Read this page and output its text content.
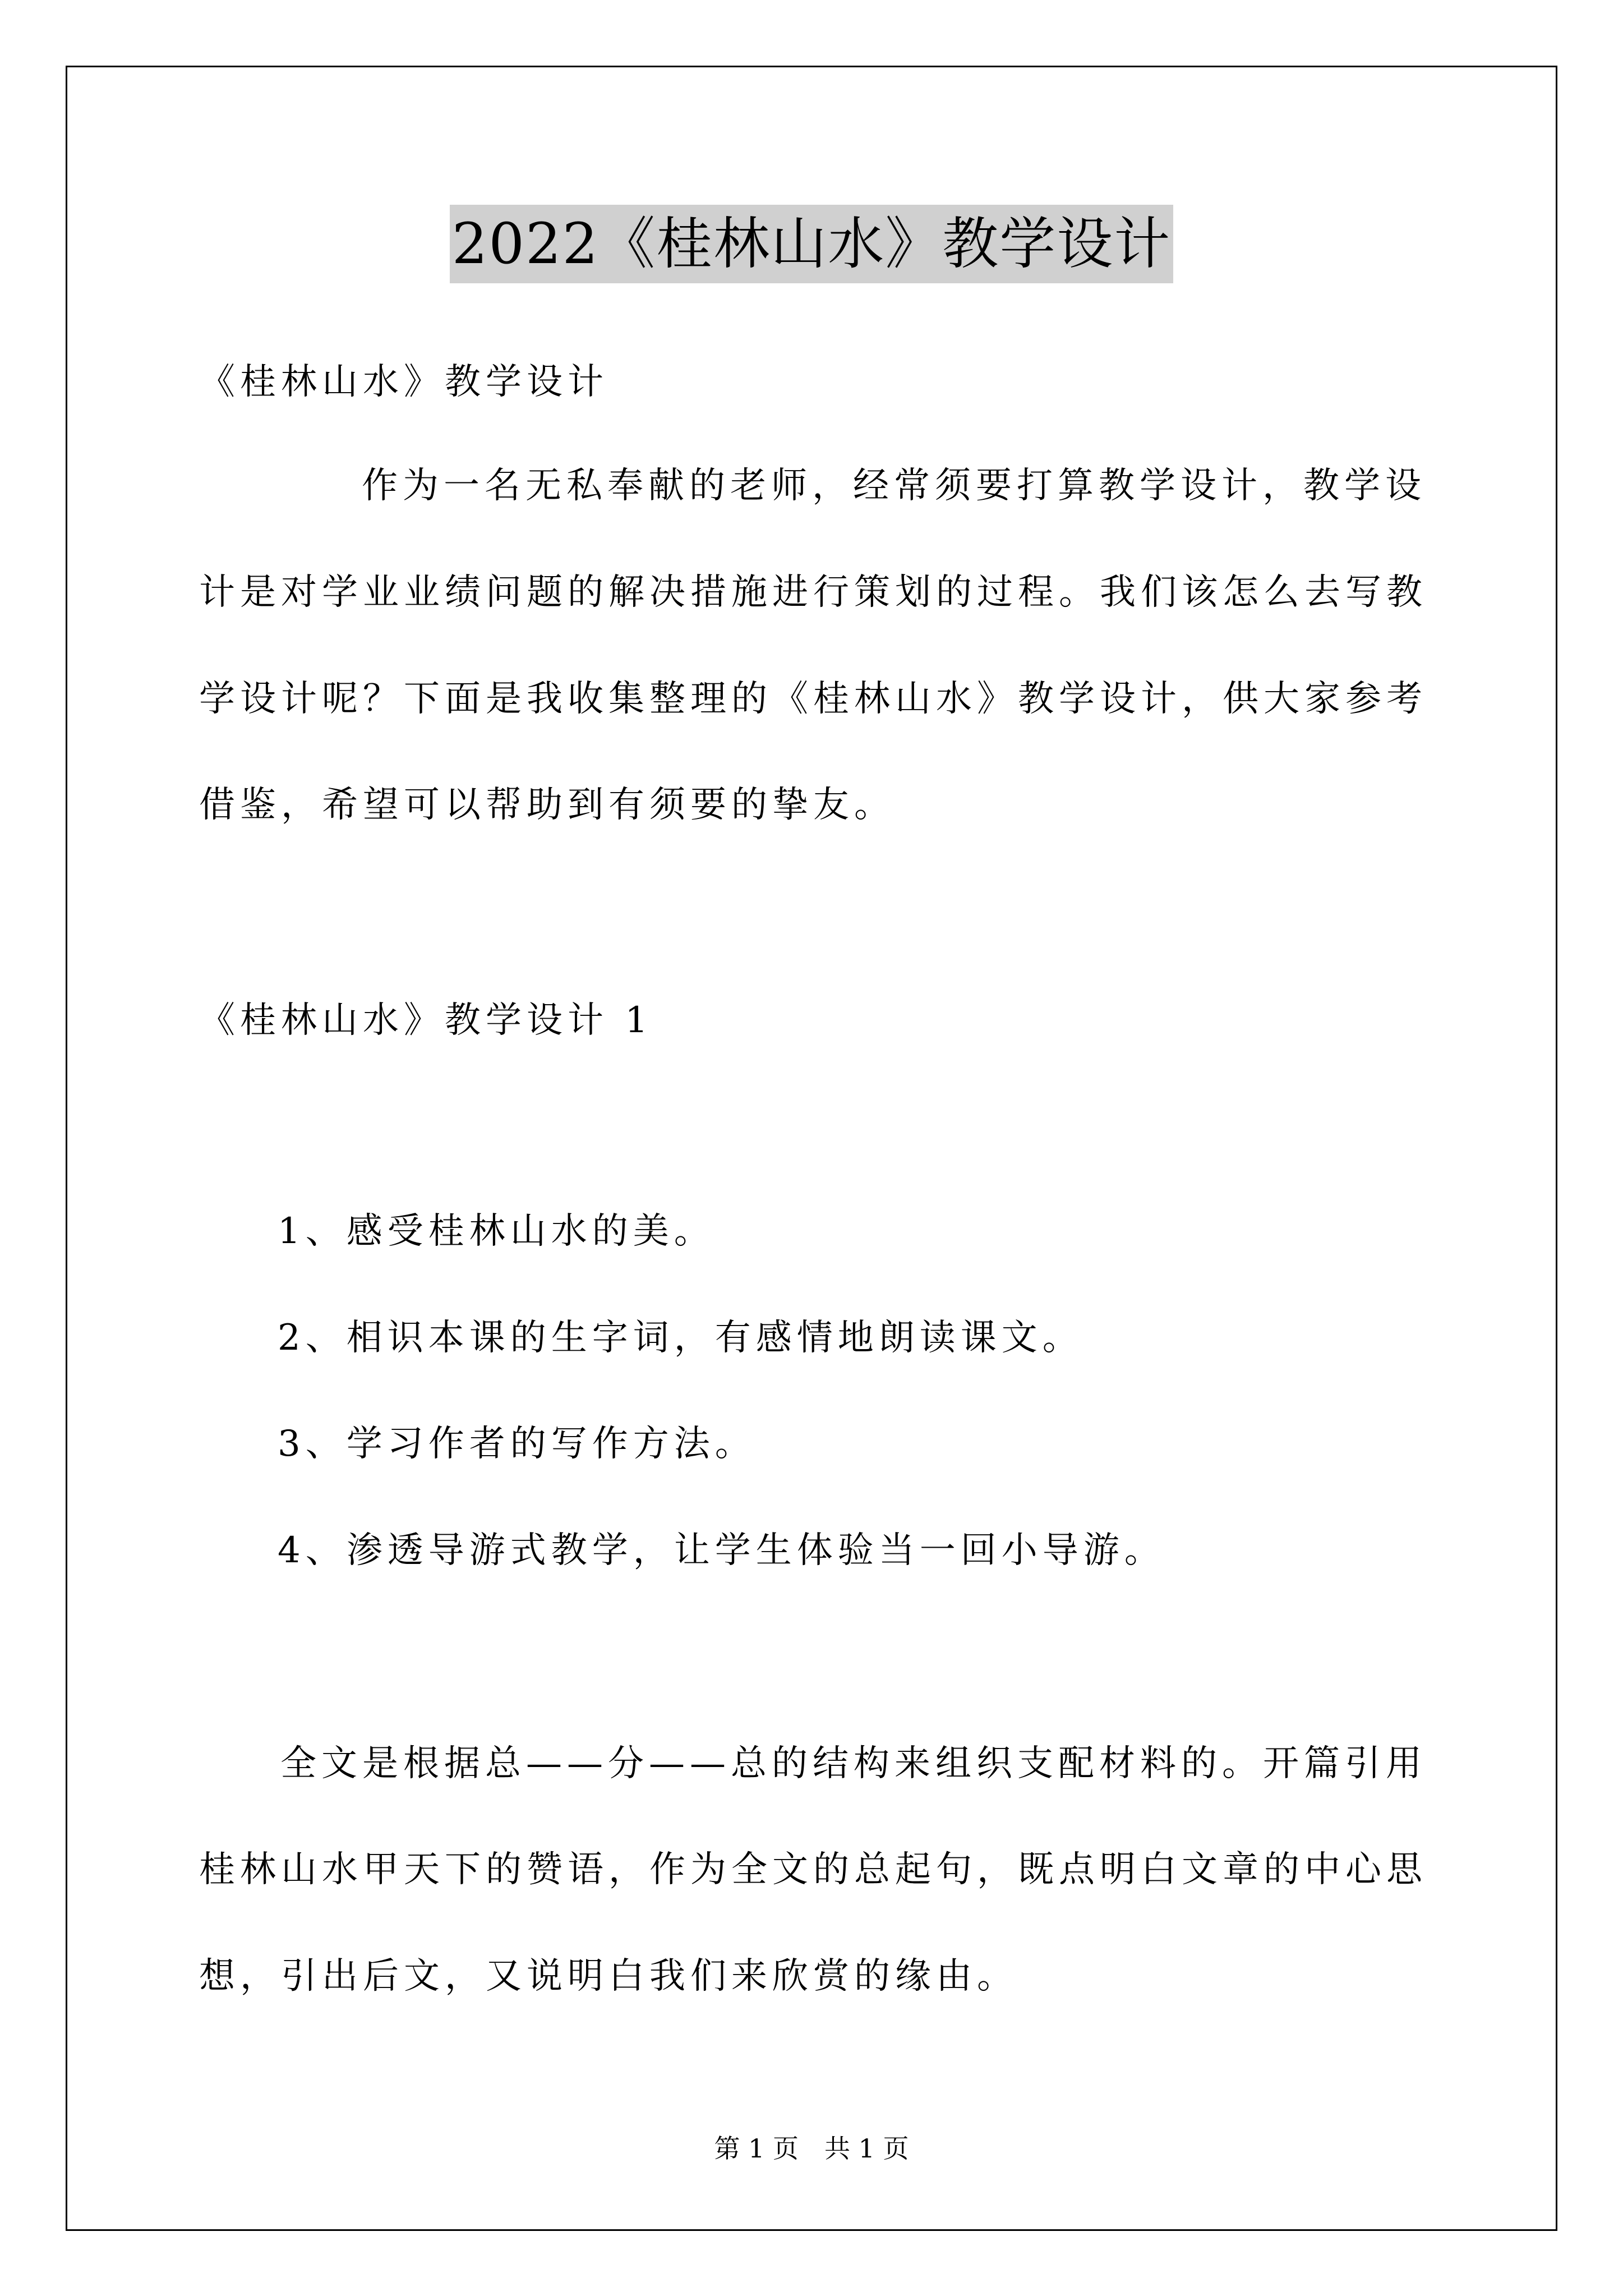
2022《桂林山水》教学设计
《桂林山水》教学设计
作为一名无私奉献的老师，经常须要打算教学设计，教学设
计是对学业业绩问题的解决措施进行策划的过程。我们该怎么去写教
学设计呢？下面是我收集整理的《桂林山水》教学设计，供大家参考
借鉴，希望可以帮助到有须要的挚友。
《桂林山水》教学设计 1
1、感受桂林山水的美。
2、相识本课的生字词，有感情地朗读课文。
3、学习作者的写作方法。
4、渗透导游式教学，让学生体验当一回小导游。
全文是根据总——分——总的结构来组织支配材料的。开篇引用
桂林山水甲天下的赞语，作为全文的总起句，既点明白文章的中心思
想，引出后文，又说明白我们来欣赏的缘由。
第 1 页　共 1 页
